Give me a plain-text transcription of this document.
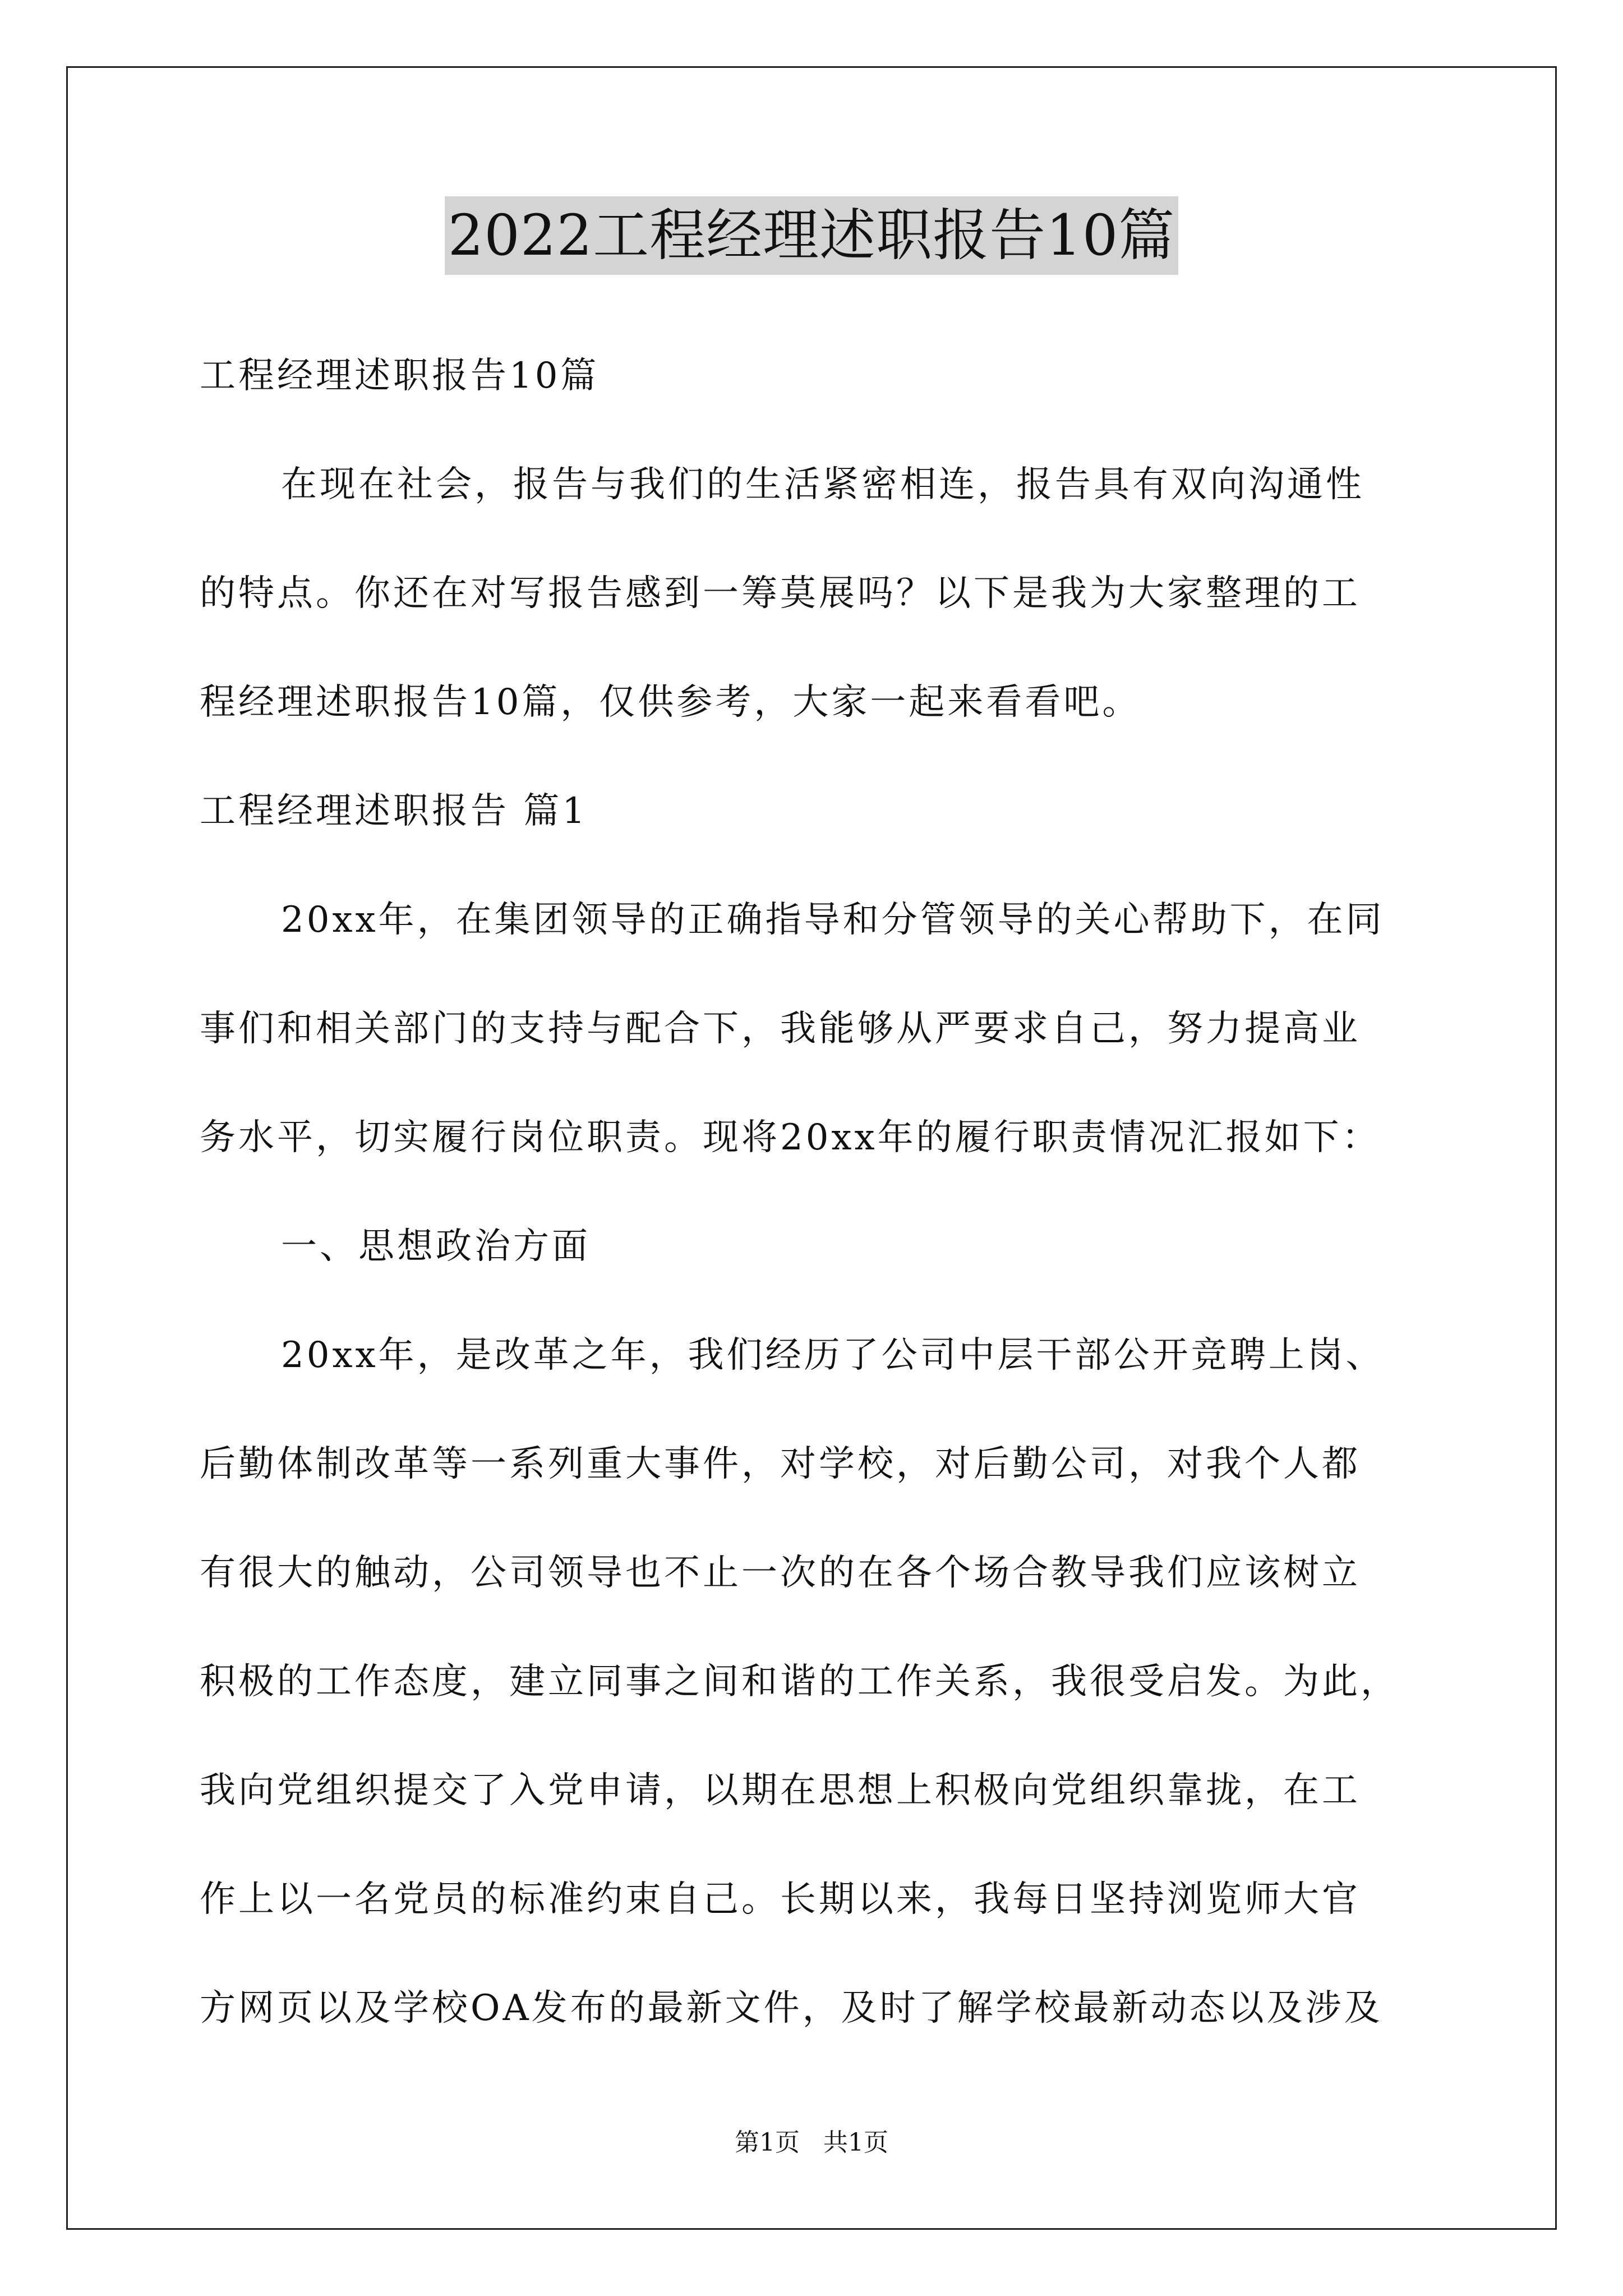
2022工程经理述职报告10篇
工程经理述职报告10篇
在现在社会，报告与我们的生活紧密相连，报告具有双向沟通性
的特点。你还在对写报告感到一筹莫展吗？以下是我为大家整理的工
程经理述职报告10篇，仅供参考，大家一起来看看吧。
工程经理述职报告 篇1
20xx年，在集团领导的正确指导和分管领导的关心帮助下，在同
事们和相关部门的支持与配合下，我能够从严要求自己，努力提高业
务水平，切实履行岗位职责。现将20xx年的履行职责情况汇报如下：
一、思想政治方面
20xx年，是改革之年，我们经历了公司中层干部公开竞聘上岗、
后勤体制改革等一系列重大事件，对学校，对后勤公司，对我个人都
有很大的触动，公司领导也不止一次的在各个场合教导我们应该树立
积极的工作态度，建立同事之间和谐的工作关系，我很受启发。为此，
我向党组织提交了入党申请，以期在思想上积极向党组织靠拢，在工
作上以一名党员的标准约束自己。长期以来，我每日坚持浏览师大官
方网页以及学校OA发布的最新文件，及时了解学校最新动态以及涉及
第1页   共1页
